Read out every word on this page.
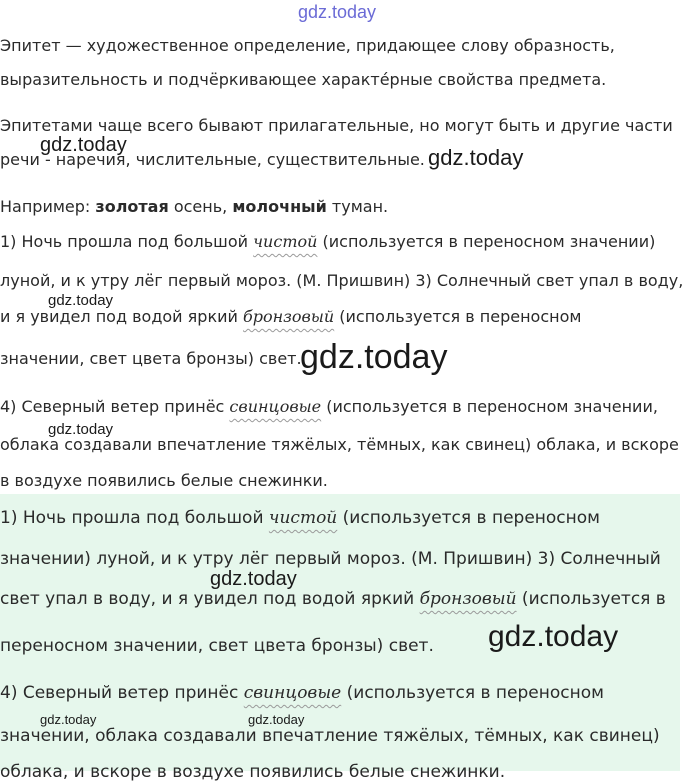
gdz.today
Эпитет — художественное определение, придающее слову образность,
выразительность и подчёркивающее характе́рные свойства предмета.
Эпитетами чаще всего бывают прилагательные, но могут быть и другие части
речи - наречия, числительные, существительные.
gdz.today	gdz.today
Например: золотая осень, молочный туман.
1) Ночь прошла под большой чистой (используется в переносном значении)
луной, и к утру лёг первый мороз. (М. Пришвин) 3) Солнечный свет упал в воду,
gdz.today
и я увидел под водой яркий бронзовый (используется в переносном
значении, свет цвета бронзы) свет.
gdz.today
4) Северный ветер принёс свинцовые (используется в переносном значении,
gdz.today
облака создавали впечатление тяжёлых, тёмных, как свинец) облака, и вскоре
в воздухе появились белые снежинки.
1) Ночь прошла под большой чистой (используется в переносном
значении) луной, и к утру лёг первый мороз. (М. Пришвин) 3) Солнечный
gdz.today
свет упал в воду, и я увидел под водой яркий бронзовый (используется в
переносном значении, свет цвета бронзы) свет. gdz.today
4) Северный ветер принёс свинцовые (используется в переносном
gdz.today	gdz.today
значении, облака создавали впечатление тяжёлых, тёмных, как свинец)
облака, и вскоре в воздухе появились белые снежинки.
